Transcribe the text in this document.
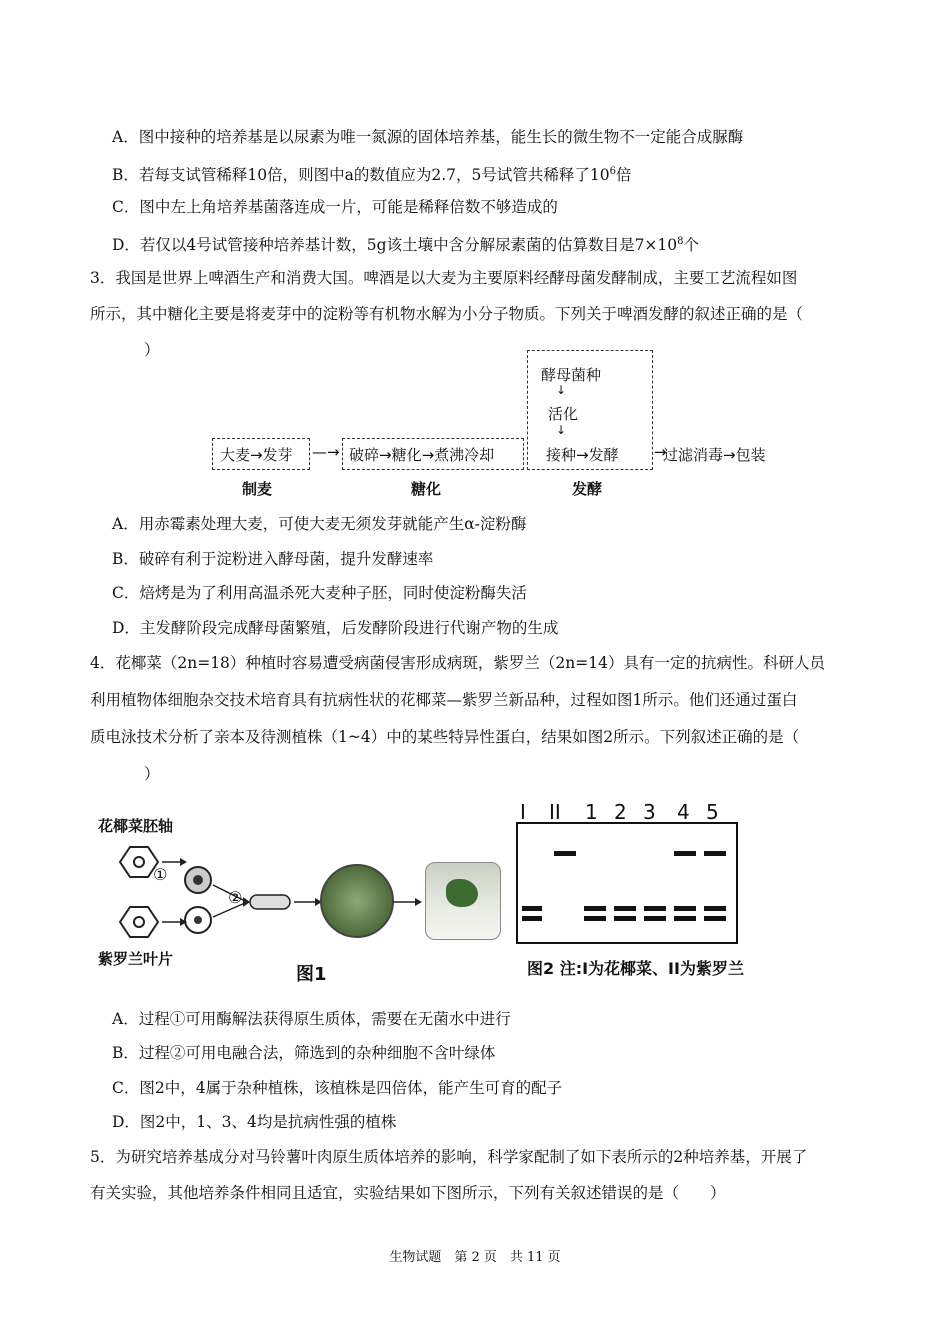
A．图中接种的培养基是以尿素为唯一氮源的固体培养基，能生长的微生物不一定能合成脲酶
B．若每支试管稀释10倍，则图中a的数值应为2.7，5号试管共稀释了$10^6$倍
C．图中左上角培养基菌落连成一片，可能是稀释倍数不够造成的
D．若仅以4号试管接种培养基计数，5g该土壤中含分解尿素菌的估算数目是$7\times 10^8$个
3．我国是世界上啤酒生产和消费大国。啤酒是以大麦为主要原料经酵母菌发酵制成，主要工艺流程如图
所示，其中糖化主要是将麦芽中的淀粉等有机物水解为小分子物质。下列关于啤酒发酵的叙述正确的是（
）
大麦→发芽 —→ 破碎→糖化→煮沸冷却	接种→发酵 →
过滤消毒→包装
酵母菌种
↓
活化
↓
制麦	糖化	发酵
A．用赤霉素处理大麦，可使大麦无须发芽就能产生α-淀粉酶
B．破碎有利于淀粉进入酵母菌，提升发酵速率
C．焙烤是为了利用高温杀死大麦种子胚，同时使淀粉酶失活
D．主发酵阶段完成酵母菌繁殖，后发酵阶段进行代谢产物的生成
4．花椰菜（2n=18）种植时容易遭受病菌侵害形成病斑，紫罗兰（2n=14）具有一定的抗病性。科研人员
利用植物体细胞杂交技术培育具有抗病性状的花椰菜—紫罗兰新品种，过程如图1所示。他们还通过蛋白
质电泳技术分析了亲本及待测植株（1~4）中的某些特异性蛋白，结果如图2所示。下列叙述正确的是（
）
花椰菜胚轴
紫罗兰叶片
①
②
图1
I II 1 2 3 4 5
图2 注:I为花椰菜、II为紫罗兰
A．过程①可用酶解法获得原生质体，需要在无菌水中进行
B．过程②可用电融合法，筛选到的杂种细胞不含叶绿体
C．图2中，4属于杂种植株，该植株是四倍体，能产生可育的配子
D．图2中，1、3、4均是抗病性强的植株
5．为研究培养基成分对马铃薯叶肉原生质体培养的影响，科学家配制了如下表所示的2种培养基，开展了
有关实验，其他培养条件相同且适宜，实验结果如下图所示，下列有关叙述错误的是（　　）
生物试题　第 2 页　共 11 页
